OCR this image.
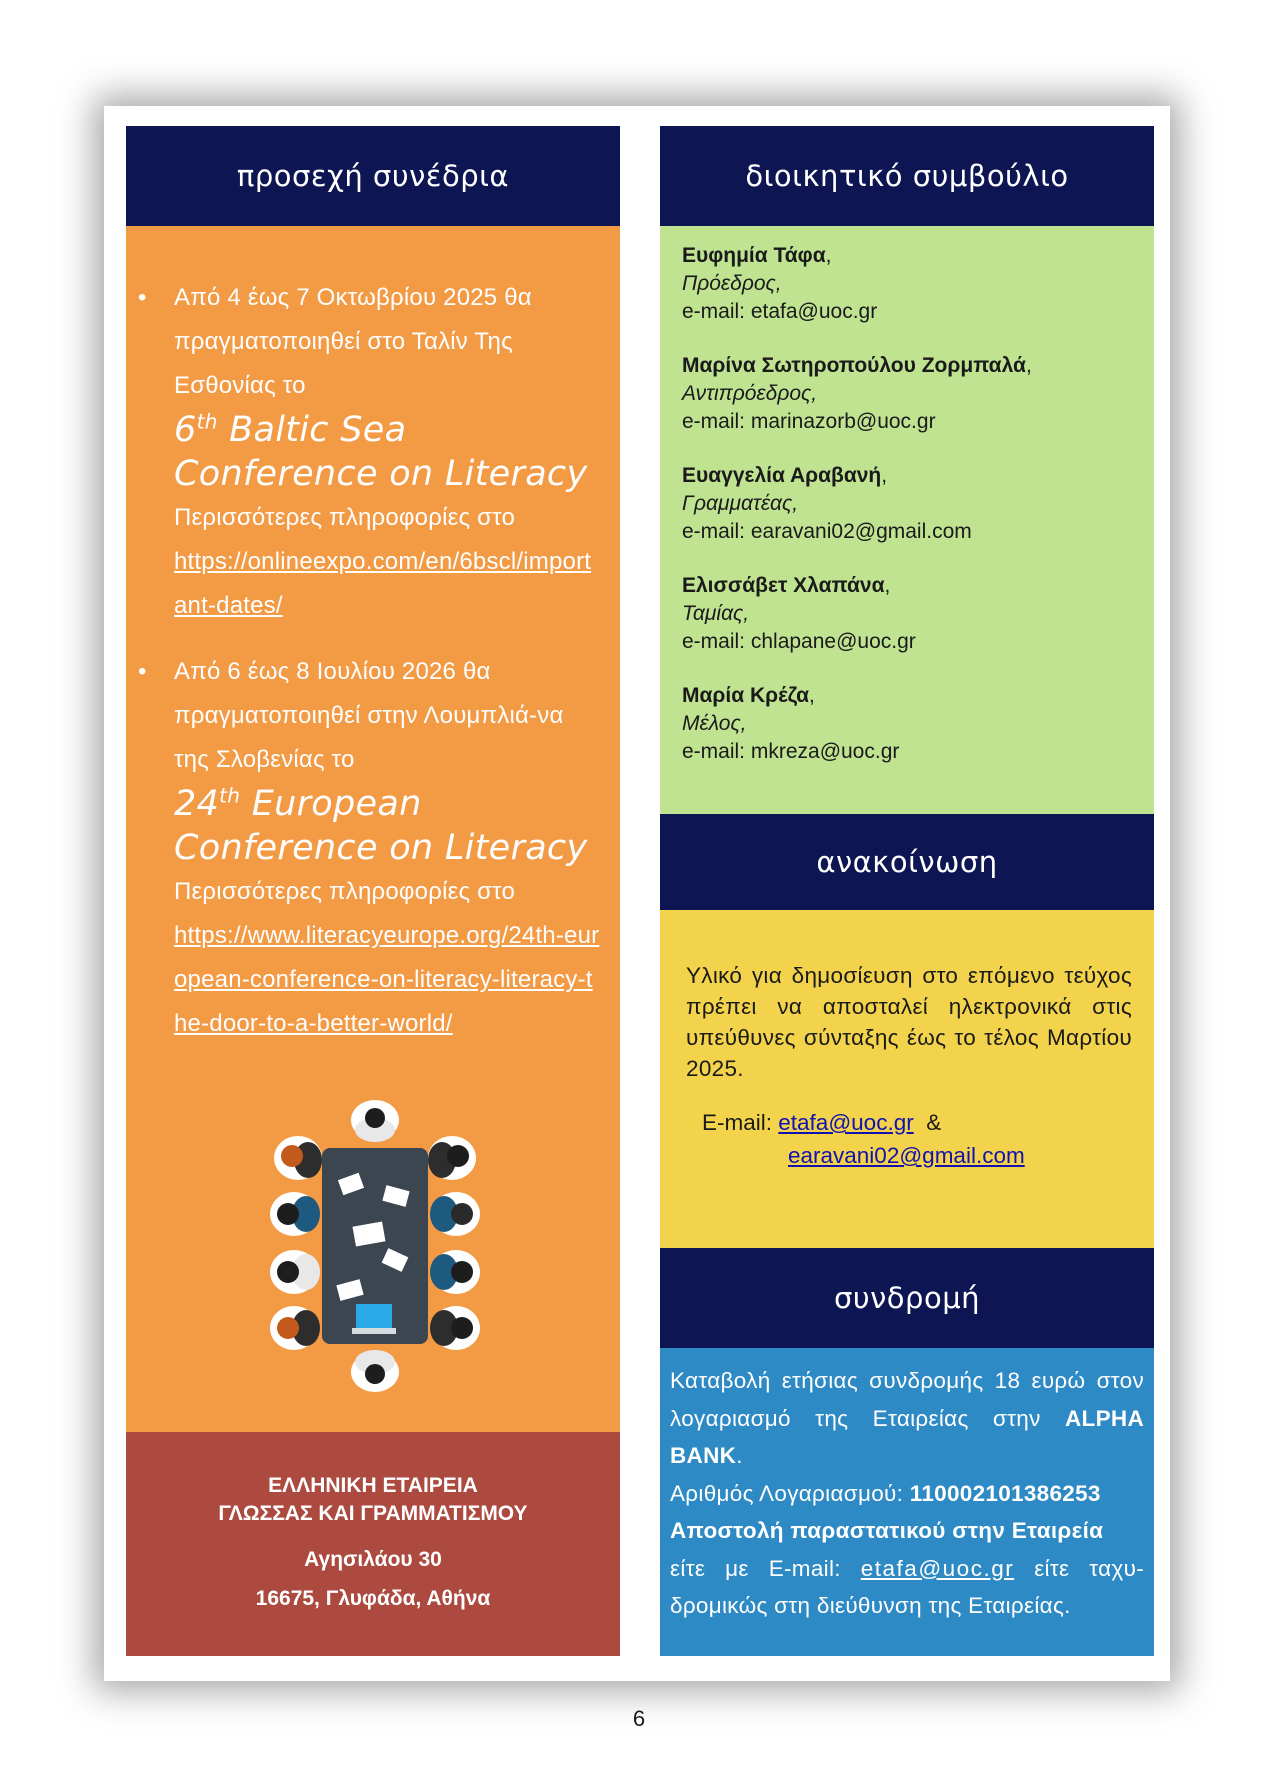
προσεχή συνέδρια
• Από 4 έως 7 Οκτωβρίου 2025 θα πραγματοποιηθεί στο Ταλίν Της Εσθονίας το
6th Baltic Sea Conference on Literacy
Περισσότερες πληροφορίες στο
https://onlineexpo.com/en/6bscl/important-dates/
• Από 6 έως 8 Ιουλίου 2026 θα πραγματοποιηθεί στην Λουμπλιά-να της Σλοβενίας το
24th European Conference on Literacy
Περισσότερες πληροφορίες στο
https://www.literacyeurope.org/24th-european-conference-on-literacy-literacy-the-door-to-a-better-world/
ΕΛΛΗΝΙΚΗ ΕΤΑΙΡΕΙΑ
ΓΛΩΣΣΑΣ ΚΑΙ ΓΡΑΜΜΑΤΙΣΜΟΥ
Αγησιλάου 30
16675, Γλυφάδα, Αθήνα
διοικητικό συμβούλιο
Ευφημία Τάφα,
Πρόεδρος,
e-mail: etafa@uoc.gr
Μαρίνα Σωτηροπούλου Ζορμπαλά,
Αντιπρόεδρος,
e-mail: marinazorb@uoc.gr
Ευαγγελία Αραβανή,
Γραμματέας,
e-mail: earavani02@gmail.com
Ελισσάβετ Χλαπάνα,
Ταμίας,
e-mail: chlapane@uoc.gr
Μαρία Κρέζα,
Μέλος,
e-mail: mkreza@uoc.gr
ανακοίνωση

Υλικό για δημοσίευση στο επόμενο τεύχος πρέπει να αποσταλεί ηλεκτρονικά στις υπεύθυνες σύνταξης έως το τέλος Μαρτίου 2025.

E-mail: etafa@uoc.gr &
earavani02@gmail.com
συνδρομή

Καταβολή ετήσιας συνδρομής 18 ευρώ στον λογαριασμό της Εταιρείας στην ALPHA BANK.
Αριθμός Λογαριασμού: 110002101386253
Αποστολή παραστατικού στην Εταιρεία
είτε με E-mail: etafa@uoc.gr είτε ταχυ-δρομικώς στη διεύθυνση της Εταιρείας.

6
